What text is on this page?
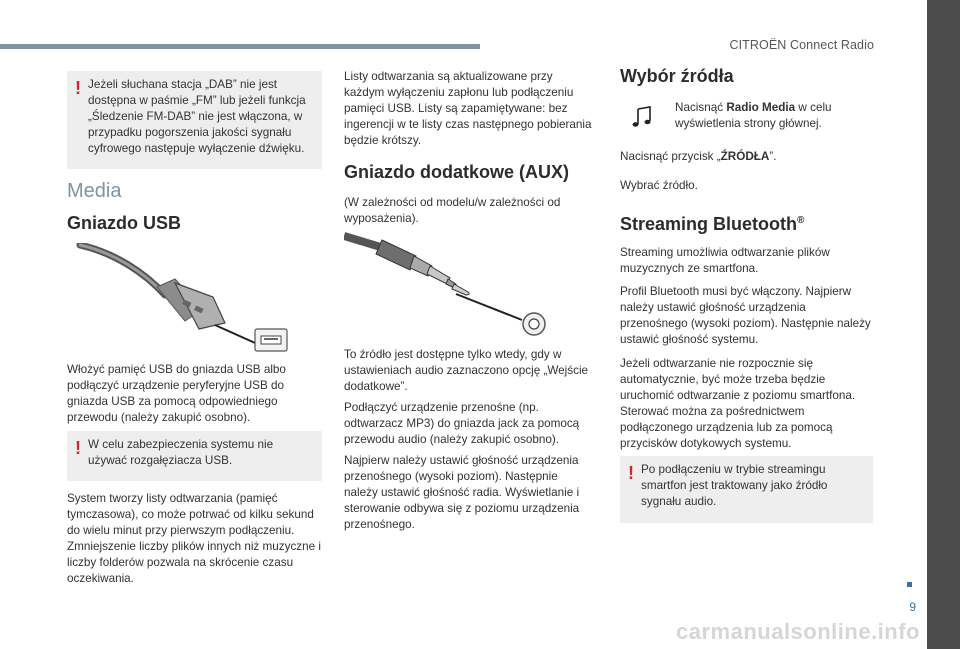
CITROËN Connect Radio
9
carmanualsonline.info
! Jeżeli słuchana stacja „DAB” nie jest dostępna w paśmie „FM” lub jeżeli funkcja „Śledzenie FM-DAB” nie jest włączona, w przypadku pogorszenia jakości sygnału cyfrowego następuje wyłączenie dźwięku.
Media
Gniazdo USB
Włożyć pamięć USB do gniazda USB albo podłączyć urządzenie peryferyjne USB do gniazda USB za pomocą odpowiedniego przewodu (należy zakupić osobno).
! W celu zabezpieczenia systemu nie używać rozgałęziacza USB.
System tworzy listy odtwarzania (pamięć tymczasowa), co może potrwać od kilku sekund do wielu minut przy pierwszym podłączeniu. Zmniejszenie liczby plików innych niż muzyczne i liczby folderów pozwala na skrócenie czasu oczekiwania.
Listy odtwarzania są aktualizowane przy każdym wyłączeniu zapłonu lub podłączeniu pamięci USB. Listy są zapamiętywane: bez ingerencji w te listy czas następnego pobierania będzie krótszy.
Gniazdo dodatkowe (AUX)
(W zależności od modelu/w zależności od wyposażenia).
To źródło jest dostępne tylko wtedy, gdy w ustawieniach audio zaznaczono opcję „Wejście dodatkowe”.
Podłączyć urządzenie przenośne (np. odtwarzacz MP3) do gniazda jack za pomocą przewodu audio (należy zakupić osobno).
Najpierw należy ustawić głośność urządzenia przenośnego (wysoki poziom). Następnie należy ustawić głośność radia. Wyświetlanie i sterowanie odbywa się z poziomu urządzenia przenośnego.
Wybór źródła
Nacisnąć Radio Media w celu wyświetlenia strony głównej.
Nacisnąć przycisk „ŹRÓDŁA”.
Wybrać źródło.
Streaming Bluetooth®
Streaming umożliwia odtwarzanie plików muzycznych ze smartfona.
Profil Bluetooth musi być włączony. Najpierw należy ustawić głośność urządzenia przenośnego (wysoki poziom). Następnie należy ustawić głośność systemu.
Jeżeli odtwarzanie nie rozpocznie się automatycznie, być może trzeba będzie uruchomić odtwarzanie z poziomu smartfona. Sterować można za pośrednictwem podłączonego urządzenia lub za pomocą przycisków dotykowych systemu.
! Po podłączeniu w trybie streamingu smartfon jest traktowany jako źródło sygnału audio.
